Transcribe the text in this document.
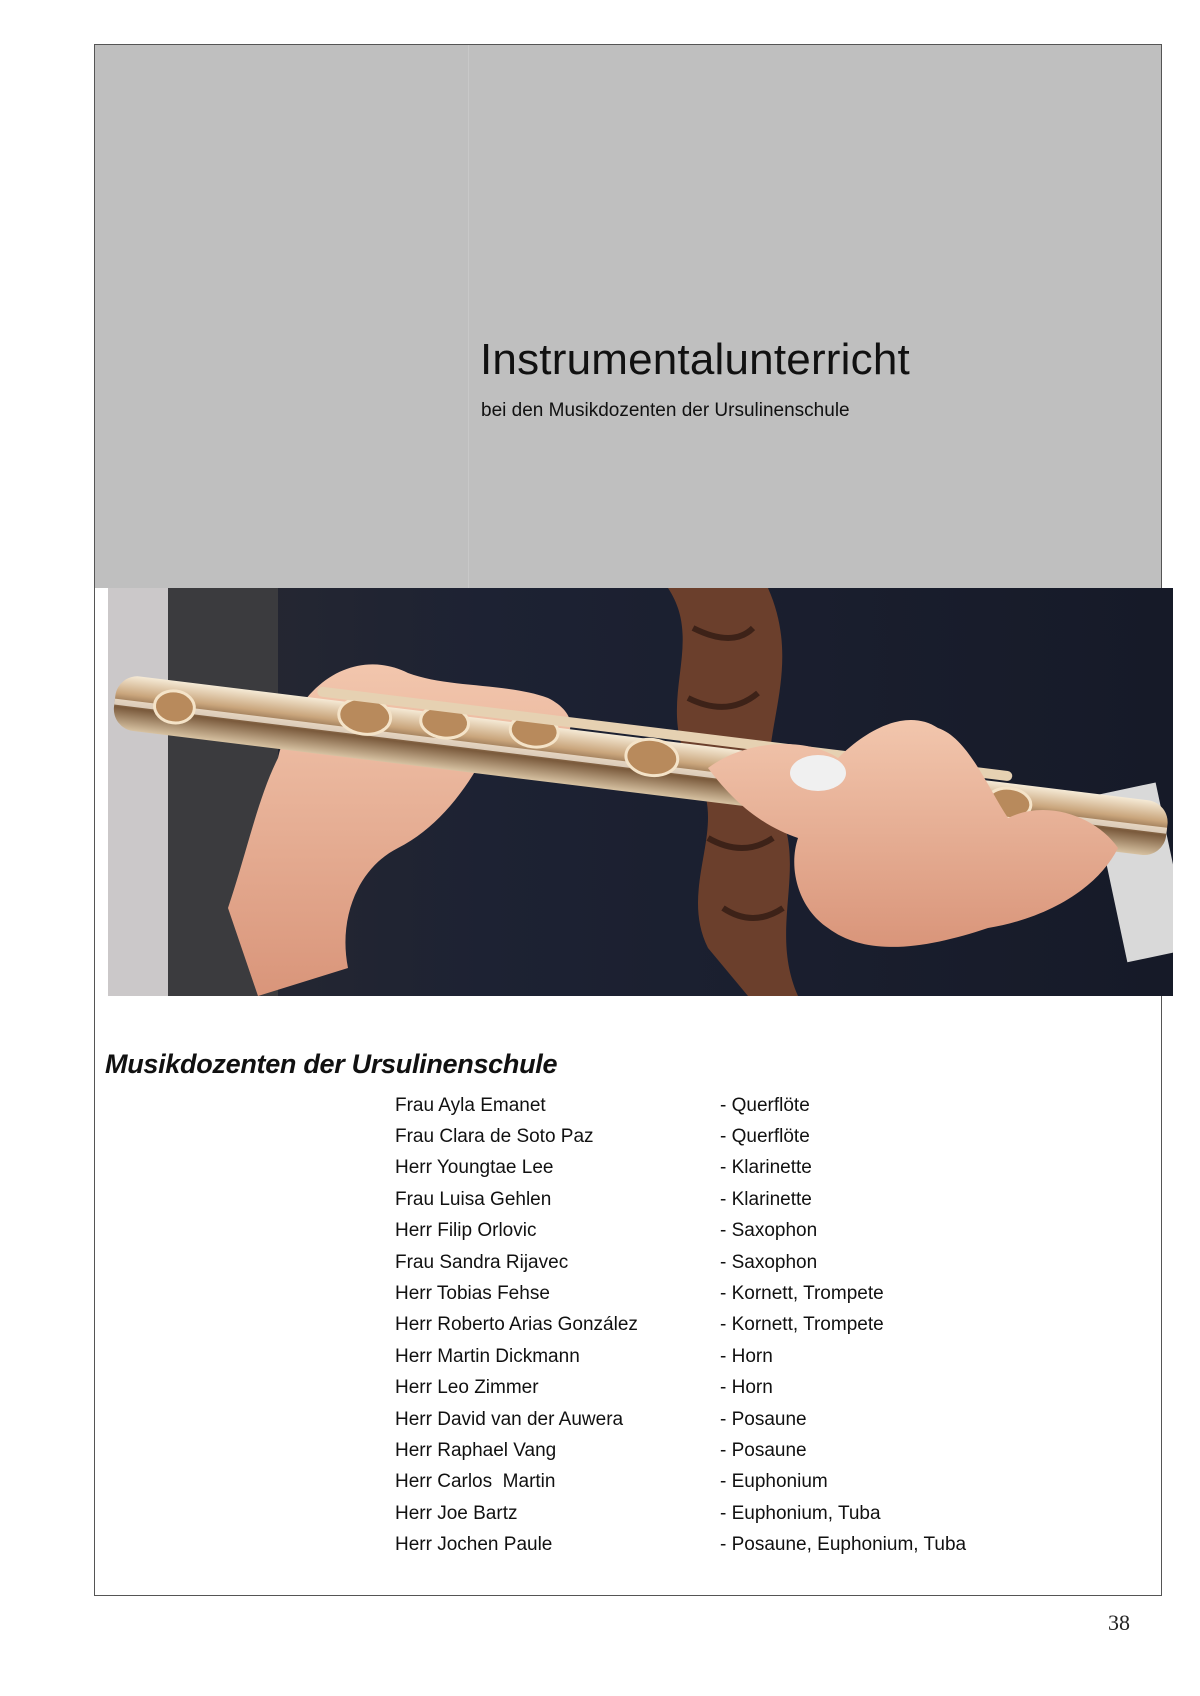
Instrumentalunterricht

bei den Musikdozenten der Ursulinenschule

Musikdozenten der Ursulinenschule
Frau Ayla Emanet	- Querflöte
Frau Clara de Soto Paz	- Querflöte
Herr Youngtae Lee	- Klarinette
Frau Luisa Gehlen	- Klarinette
Herr Filip Orlovic	- Saxophon
Frau Sandra Rijavec	- Saxophon
Herr Tobias Fehse	- Kornett, Trompete
Herr Roberto Arias González	- Kornett, Trompete
Herr Martin Dickmann	- Horn
Herr Leo Zimmer	- Horn
Herr David van der Auwera	- Posaune
Herr Raphael Vang	- Posaune
Herr Carlos  Martin	- Euphonium
Herr Joe Bartz	- Euphonium, Tuba
Herr Jochen Paule	- Posaune, Euphonium, Tuba
38
